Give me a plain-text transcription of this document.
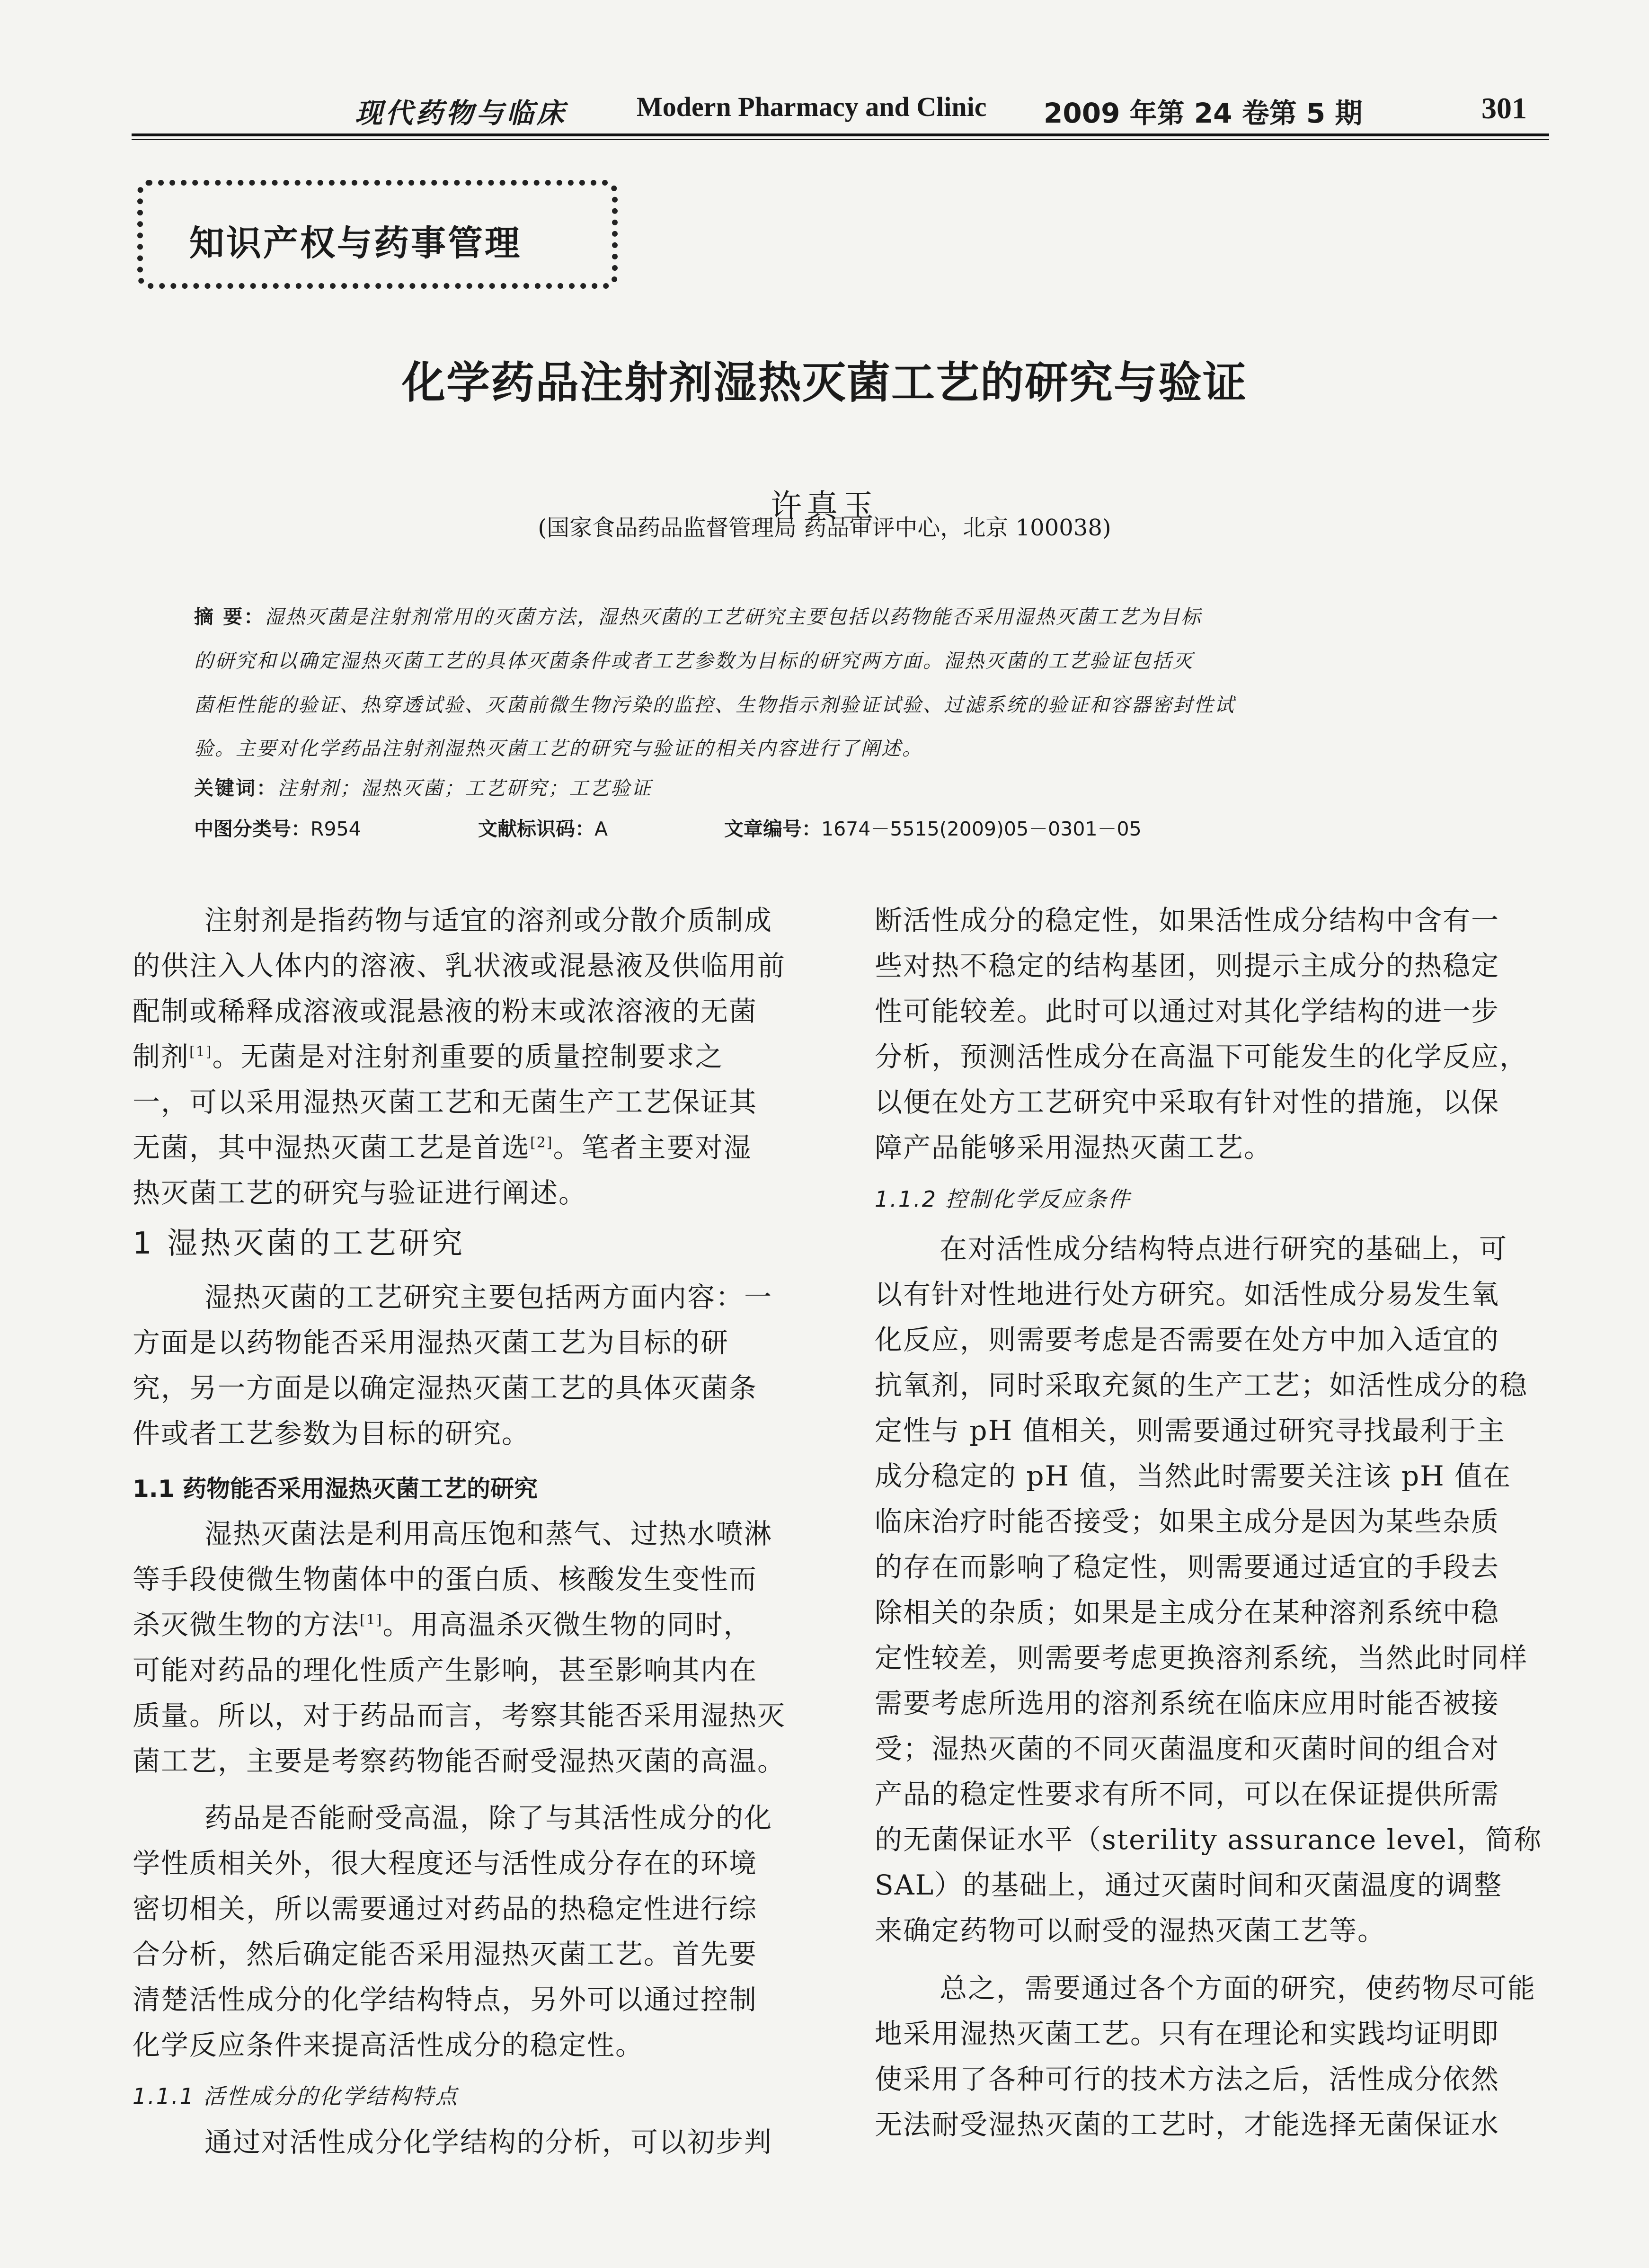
现代药物与临床	Modern Pharmacy and Clinic 2009 年第 24 卷第 5 期	301
知识产权与药事管理
化学药品注射剂湿热灭菌工艺的研究与验证
许真玉
(国家食品药品监督管理局 药品审评中心，北京 100038)
摘 要：湿热灭菌是注射剂常用的灭菌方法，湿热灭菌的工艺研究主要包括以药物能否采用湿热灭菌工艺为目标
的研究和以确定湿热灭菌工艺的具体灭菌条件或者工艺参数为目标的研究两方面。湿热灭菌的工艺验证包括灭
菌柜性能的验证、热穿透试验、灭菌前微生物污染的监控、生物指示剂验证试验、过滤系统的验证和容器密封性试
验。主要对化学药品注射剂湿热灭菌工艺的研究与验证的相关内容进行了阐述。
关键词：注射剂；湿热灭菌；工艺研究；工艺验证
中图分类号：R954	文献标识码：A	文章编号：1674－5515(2009)05－0301－05
注射剂是指药物与适宜的溶剂或分散介质制成
的供注入人体内的溶液、乳状液或混悬液及供临用前
配制或稀释成溶液或混悬液的粉末或浓溶液的无菌
制剂[1]。无菌是对注射剂重要的质量控制要求之
一，可以采用湿热灭菌工艺和无菌生产工艺保证其
无菌，其中湿热灭菌工艺是首选[2]。笔者主要对湿
热灭菌工艺的研究与验证进行阐述。
1 湿热灭菌的工艺研究
湿热灭菌的工艺研究主要包括两方面内容：一
方面是以药物能否采用湿热灭菌工艺为目标的研
究，另一方面是以确定湿热灭菌工艺的具体灭菌条
件或者工艺参数为目标的研究。
1.1 药物能否采用湿热灭菌工艺的研究
湿热灭菌法是利用高压饱和蒸气、过热水喷淋
等手段使微生物菌体中的蛋白质、核酸发生变性而
杀灭微生物的方法[1]。用高温杀灭微生物的同时，
可能对药品的理化性质产生影响，甚至影响其内在
质量。所以，对于药品而言，考察其能否采用湿热灭
菌工艺，主要是考察药物能否耐受湿热灭菌的高温。
药品是否能耐受高温，除了与其活性成分的化
学性质相关外，很大程度还与活性成分存在的环境
密切相关，所以需要通过对药品的热稳定性进行综
合分析，然后确定能否采用湿热灭菌工艺。首先要
清楚活性成分的化学结构特点，另外可以通过控制
化学反应条件来提高活性成分的稳定性。
1.1.1 活性成分的化学结构特点
通过对活性成分化学结构的分析，可以初步判
断活性成分的稳定性，如果活性成分结构中含有一
些对热不稳定的结构基团，则提示主成分的热稳定
性可能较差。此时可以通过对其化学结构的进一步
分析，预测活性成分在高温下可能发生的化学反应，
以便在处方工艺研究中采取有针对性的措施，以保
障产品能够采用湿热灭菌工艺。
1.1.2 控制化学反应条件
在对活性成分结构特点进行研究的基础上，可
以有针对性地进行处方研究。如活性成分易发生氧
化反应，则需要考虑是否需要在处方中加入适宜的
抗氧剂，同时采取充氮的生产工艺；如活性成分的稳
定性与 pH 值相关，则需要通过研究寻找最利于主
成分稳定的 pH 值，当然此时需要关注该 pH 值在
临床治疗时能否接受；如果主成分是因为某些杂质
的存在而影响了稳定性，则需要通过适宜的手段去
除相关的杂质；如果是主成分在某种溶剂系统中稳
定性较差，则需要考虑更换溶剂系统，当然此时同样
需要考虑所选用的溶剂系统在临床应用时能否被接
受；湿热灭菌的不同灭菌温度和灭菌时间的组合对
产品的稳定性要求有所不同，可以在保证提供所需
的无菌保证水平（sterility assurance level，简称
SAL）的基础上，通过灭菌时间和灭菌温度的调整
来确定药物可以耐受的湿热灭菌工艺等。
总之，需要通过各个方面的研究，使药物尽可能
地采用湿热灭菌工艺。只有在理论和实践均证明即
使采用了各种可行的技术方法之后，活性成分依然
无法耐受湿热灭菌的工艺时，才能选择无菌保证水
